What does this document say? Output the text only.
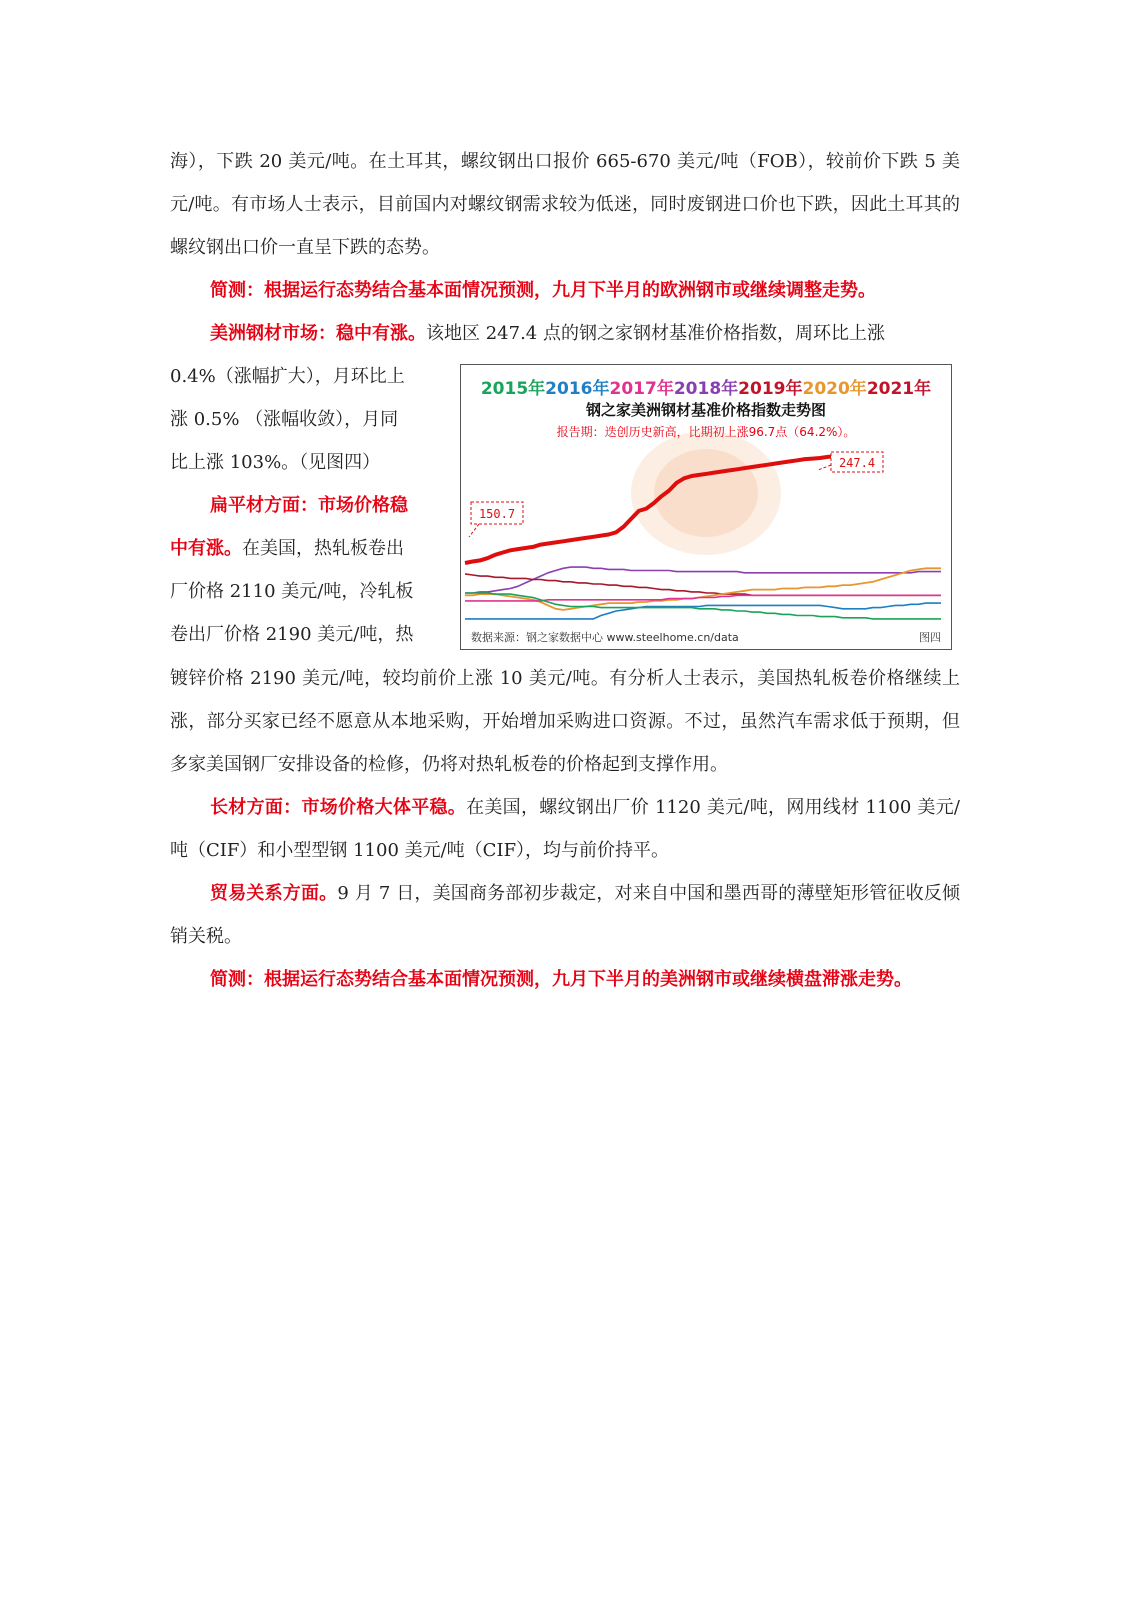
海），下跌 20 美元/吨。在土耳其，螺纹钢出口报价 665-670 美元/吨（FOB），较前价下跌 5 美元/吨。有市场人士表示，目前国内对螺纹钢需求较为低迷，同时废钢进口价也下跌，因此土耳其的螺纹钢出口价一直呈下跌的态势。

简测：根据运行态势结合基本面情况预测，九月下半月的欧洲钢市或继续调整走势。

美洲钢材市场：稳中有涨。该地区 247.4 点的钢之家钢材基准价格指数，周环比上涨

0.4%（涨幅扩大），月环比上

涨 0.5% （涨幅收敛），月同

比上涨 103%。（见图四）

扁平材方面：市场价格稳

中有涨。在美国，热轧板卷出

厂价格 2110 美元/吨，冷轧板

卷出厂价格 2190 美元/吨，热

2015年2016年2017年2018年2019年2020年2021年
钢之家美洲钢材基准价格指数走势图
报告期：迭创历史新高，比期初上涨96.7点（64.2%）。
150.7
247.4
数据来源：钢之家数据中心 www.steelhome.cn/data	图四

镀锌价格 2190 美元/吨，较均前价上涨 10 美元/吨。有分析人士表示，美国热轧板卷价格继续上涨，部分买家已经不愿意从本地采购，开始增加采购进口资源。不过，虽然汽车需求低于预期，但多家美国钢厂安排设备的检修，仍将对热轧板卷的价格起到支撑作用。

长材方面：市场价格大体平稳。在美国，螺纹钢出厂价 1120 美元/吨，网用线材 1100 美元/吨（CIF）和小型型钢 1100 美元/吨（CIF），均与前价持平。

贸易关系方面。9 月 7 日，美国商务部初步裁定，对来自中国和墨西哥的薄壁矩形管征收反倾销关税。

简测：根据运行态势结合基本面情况预测，九月下半月的美洲钢市或继续横盘滞涨走势。
